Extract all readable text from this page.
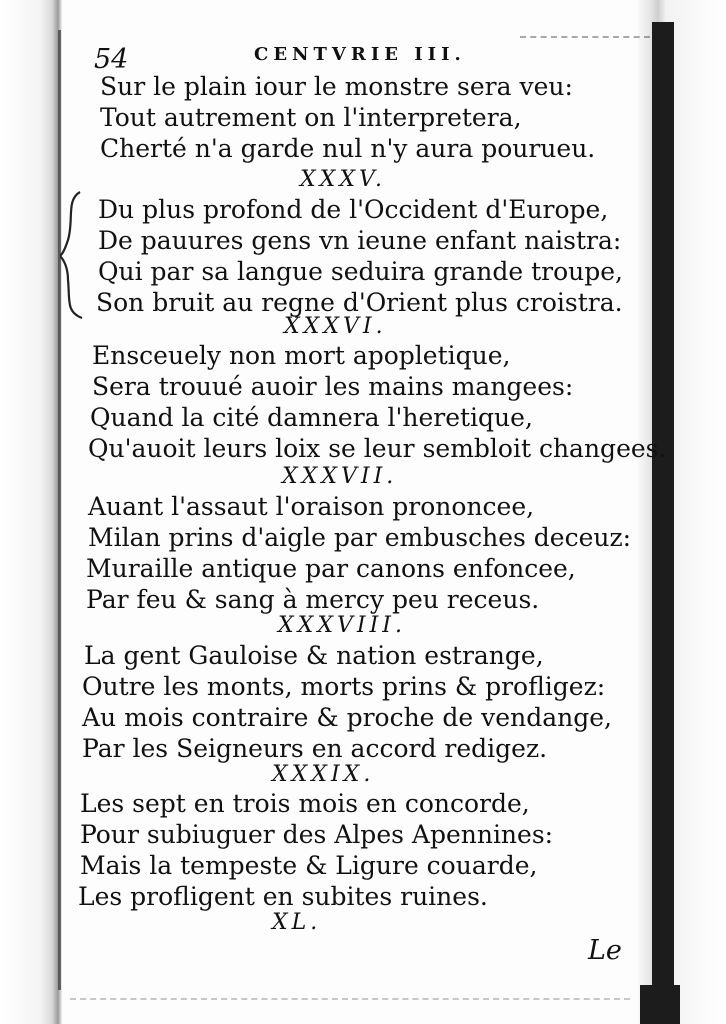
54	CENTVRIE III.
Sur le plain iour le monstre sera veu:
Tout autrement on l'interpretera,
Cherté n'a garde nul n'y aura pourueu.
XXXV.
Du plus profond de l'Occident d'Europe,
De pauures gens vn ieune enfant naistra:
Qui par sa langue seduira grande troupe,
Son bruit au regne d'Orient plus croistra.
XXXVI.
Ensceuely non mort apopletique,
Sera trouué auoir les mains mangees:
Quand la cité damnera l'heretique,
Qu'auoit leurs loix se leur sembloit changees.
XXXVII.
Auant l'assaut l'oraison prononcee,
Milan prins d'aigle par embusches deceuz:
Muraille antique par canons enfoncee,
Par feu & sang à mercy peu receus.
XXXVIII.
La gent Gauloise & nation estrange,
Outre les monts, morts prins & profligez:
Au mois contraire & proche de vendange,
Par les Seigneurs en accord redigez.
XXXIX.
Les sept en trois mois en concorde,
Pour subiuguer des Alpes Apennines:
Mais la tempeste & Ligure couarde,
Les profligent en subites ruines.
XL.
Le
